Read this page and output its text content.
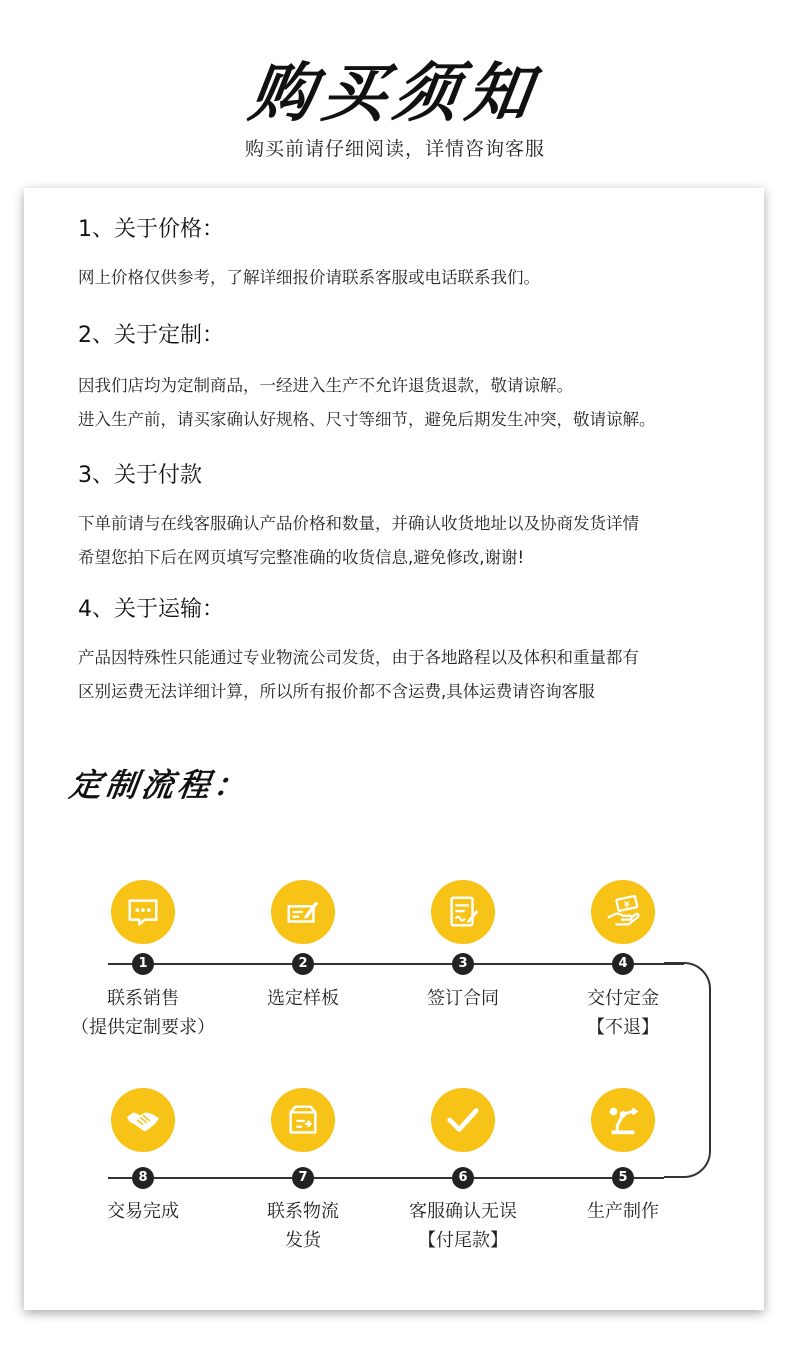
购买须知
购买前请仔细阅读，详情咨询客服
1、关于价格：
网上价格仅供参考，了解详细报价请联系客服或电话联系我们。
2、关于定制：
因我们店均为定制商品，一经进入生产不允许退货退款，敬请谅解。
进入生产前，请买家确认好规格、尺寸等细节，避免后期发生冲突，敬请谅解。
3、关于付款
下单前请与在线客服确认产品价格和数量，并确认收货地址以及协商发货详情
希望您拍下后在网页填写完整准确的收货信息,避免修改,谢谢!
4、关于运输：
产品因特殊性只能通过专业物流公司发货，由于各地路程以及体积和重量都有
区别运费无法详细计算，所以所有报价都不含运费,具体运费请咨询客服
定制流程：
1	2	3	4
5
6
7
8
¥
联系销售
（提供定制要求）
选定样板	签订合同	交付定金
【不退】
交易完成	联系物流
发货
客服确认无误
【付尾款】
生产制作
